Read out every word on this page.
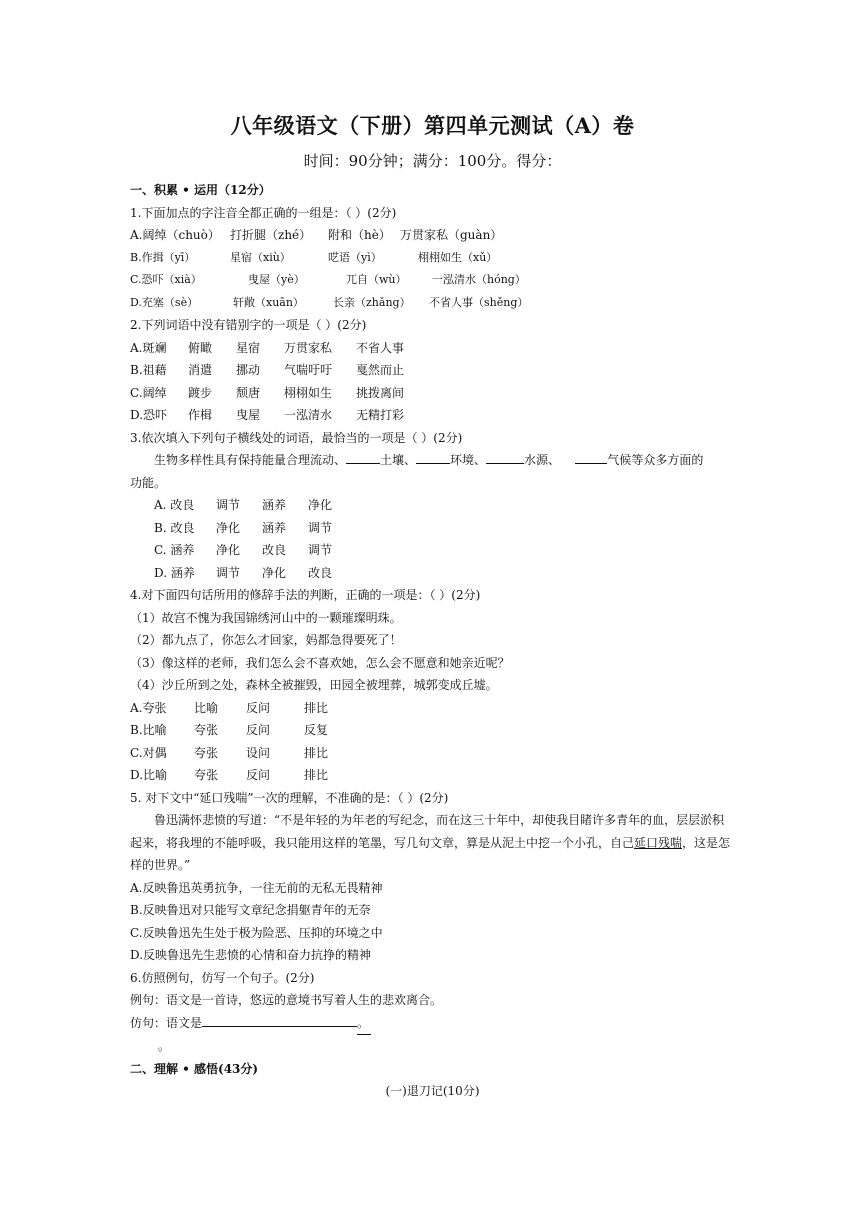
八年级语文（下册）第四单元测试（A）卷
时间：90分钟；满分：100分。得分：
一、积累 • 运用（12分）
1.下面加点的字注音全都正确的一组是：（ ）(2分)
A.阔绰（chuò） 打折腿（zhé） 附和（hè） 万贯家私（guàn）
B.作揖（yī）	星宿（xiù）	呓语（yì）	栩栩如生（xǔ）
C.恐吓（xià）	曳屋（yè）	兀自（wù） 一泓清水（hóng）
D.充塞（sè）	轩敞（xuān）	长亲（zhǎng） 不省人事（shěng）
2.下列词语中没有错别字的一项是（ ）(2分)
A.斑斓 俯瞰 星宿 万贯家私 不省人事
B.祖藉 消遣 挪动 气喘吁吁 戛然而止
C.阔绰 踱步 颓唐 栩栩如生 挑拨离间
D.恐吓 作楫 曳屋 一泓清水 无精打彩
3.依次填入下列句子横线处的词语，最恰当的一项是（ ）(2分)
生物多样性具有保持能量合理流动、	土壤、	环境、	水源、	气候等众多方面的
功能。
A. 改良 调节 涵养 净化
B. 改良 净化 涵养 调节
C. 涵养 净化 改良 调节
D. 涵养 调节 净化 改良
4.对下面四句话所用的修辞手法的判断，正确的一项是：（ ）(2分)
（1）故宫不愧为我国锦绣河山中的一颗璀璨明珠。
（2）都九点了，你怎么才回家，妈都急得要死了！
（3）像这样的老师，我们怎么会不喜欢她，怎么会不愿意和她亲近呢？
（4）沙丘所到之处，森林全被摧毁，田园全被埋葬，城郭变成丘墟。
A.夸张 比喻 反问	排比
B.比喻 夸张 反问	反复
C.对偶 夸张 设问	排比
D.比喻 夸张 反问	排比
5. 对下文中“延口残喘”一次的理解，不准确的是：（ ）(2分)
鲁迅满怀悲愤的写道：“不是年轻的为年老的写纪念，而在这三十年中，却使我目睹许多青年的血，层层淤积起来，将我埋的不能呼吸，我只能用这样的笔墨，写几句文章，算是从泥土中挖一个小孔，自己延口残喘，这是怎样的世界。”
A.反映鲁迅英勇抗争，一往无前的无私无畏精神
B.反映鲁迅对只能写文章纪念捐躯青年的无奈
C.反映鲁迅先生处于极为险恶、压抑的环境之中
D.反映鲁迅先生悲愤的心情和奋力抗挣的精神
6.仿照例句，仿写一个句子。(2分)
例句：语文是一首诗，悠远的意境书写着人生的悲欢离合。
仿句：语文是	。
。
二、理解 • 感悟(43分)
(一)退刀记(10分)
